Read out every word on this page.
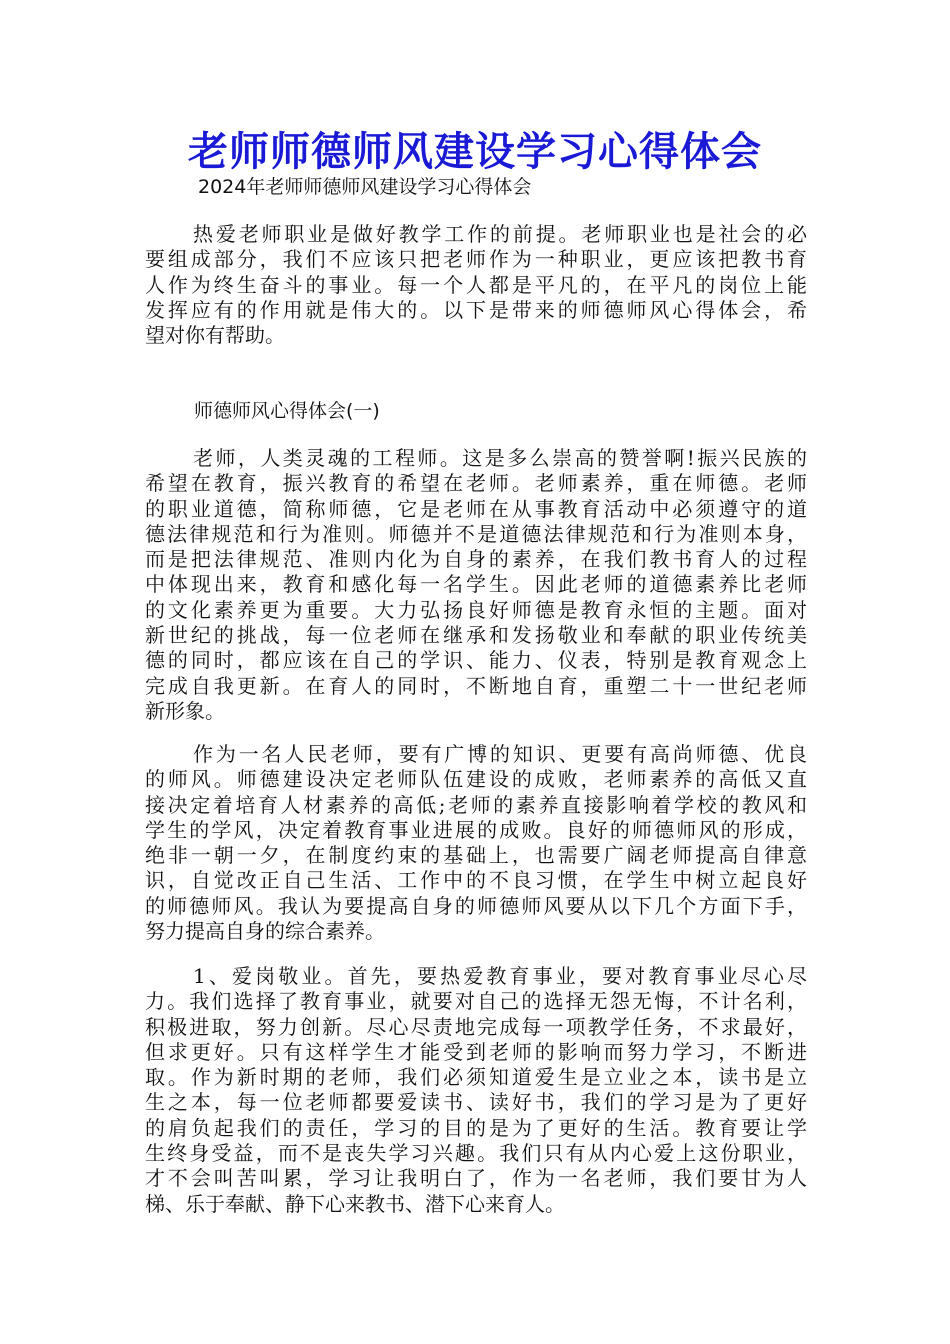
老师师德师风建设学习心得体会
2024年老师师德师风建设学习心得体会
热爱老师职业是做好教学工作的前提。老师职业也是社会的必
要组成部分，我们不应该只把老师作为一种职业，更应该把教书育
人作为终生奋斗的事业。每一个人都是平凡的，在平凡的岗位上能
发挥应有的作用就是伟大的。以下是带来的师德师风心得体会，希
望对你有帮助。
师德师风心得体会(一)
老师，人类灵魂的工程师。这是多么崇高的赞誉啊!振兴民族的
希望在教育，振兴教育的希望在老师。老师素养，重在师德。老师
的职业道德，简称师德，它是老师在从事教育活动中必须遵守的道
德法律规范和行为准则。师德并不是道德法律规范和行为准则本身，
而是把法律规范、准则内化为自身的素养，在我们教书育人的过程
中体现出来，教育和感化每一名学生。因此老师的道德素养比老师
的文化素养更为重要。大力弘扬良好师德是教育永恒的主题。面对
新世纪的挑战，每一位老师在继承和发扬敬业和奉献的职业传统美
德的同时，都应该在自己的学识、能力、仪表，特别是教育观念上
完成自我更新。在育人的同时，不断地自育，重塑二十一世纪老师
新形象。
作为一名人民老师，要有广博的知识、更要有高尚师德、优良
的师风。师德建设决定老师队伍建设的成败，老师素养的高低又直
接决定着培育人材素养的高低;老师的素养直接影响着学校的教风和
学生的学风，决定着教育事业进展的成败。良好的师德师风的形成，
绝非一朝一夕，在制度约束的基础上，也需要广阔老师提高自律意
识，自觉改正自己生活、工作中的不良习惯，在学生中树立起良好
的师德师风。我认为要提高自身的师德师风要从以下几个方面下手，
努力提高自身的综合素养。
1、爱岗敬业。首先，要热爱教育事业，要对教育事业尽心尽
力。我们选择了教育事业，就要对自己的选择无怨无悔，不计名利，
积极进取，努力创新。尽心尽责地完成每一项教学任务，不求最好，
但求更好。只有这样学生才能受到老师的影响而努力学习，不断进
取。作为新时期的老师，我们必须知道爱生是立业之本，读书是立
生之本，每一位老师都要爱读书、读好书，我们的学习是为了更好
的肩负起我们的责任，学习的目的是为了更好的生活。教育要让学
生终身受益，而不是丧失学习兴趣。我们只有从内心爱上这份职业，
才不会叫苦叫累，学习让我明白了，作为一名老师，我们要甘为人
梯、乐于奉献、静下心来教书、潜下心来育人。
